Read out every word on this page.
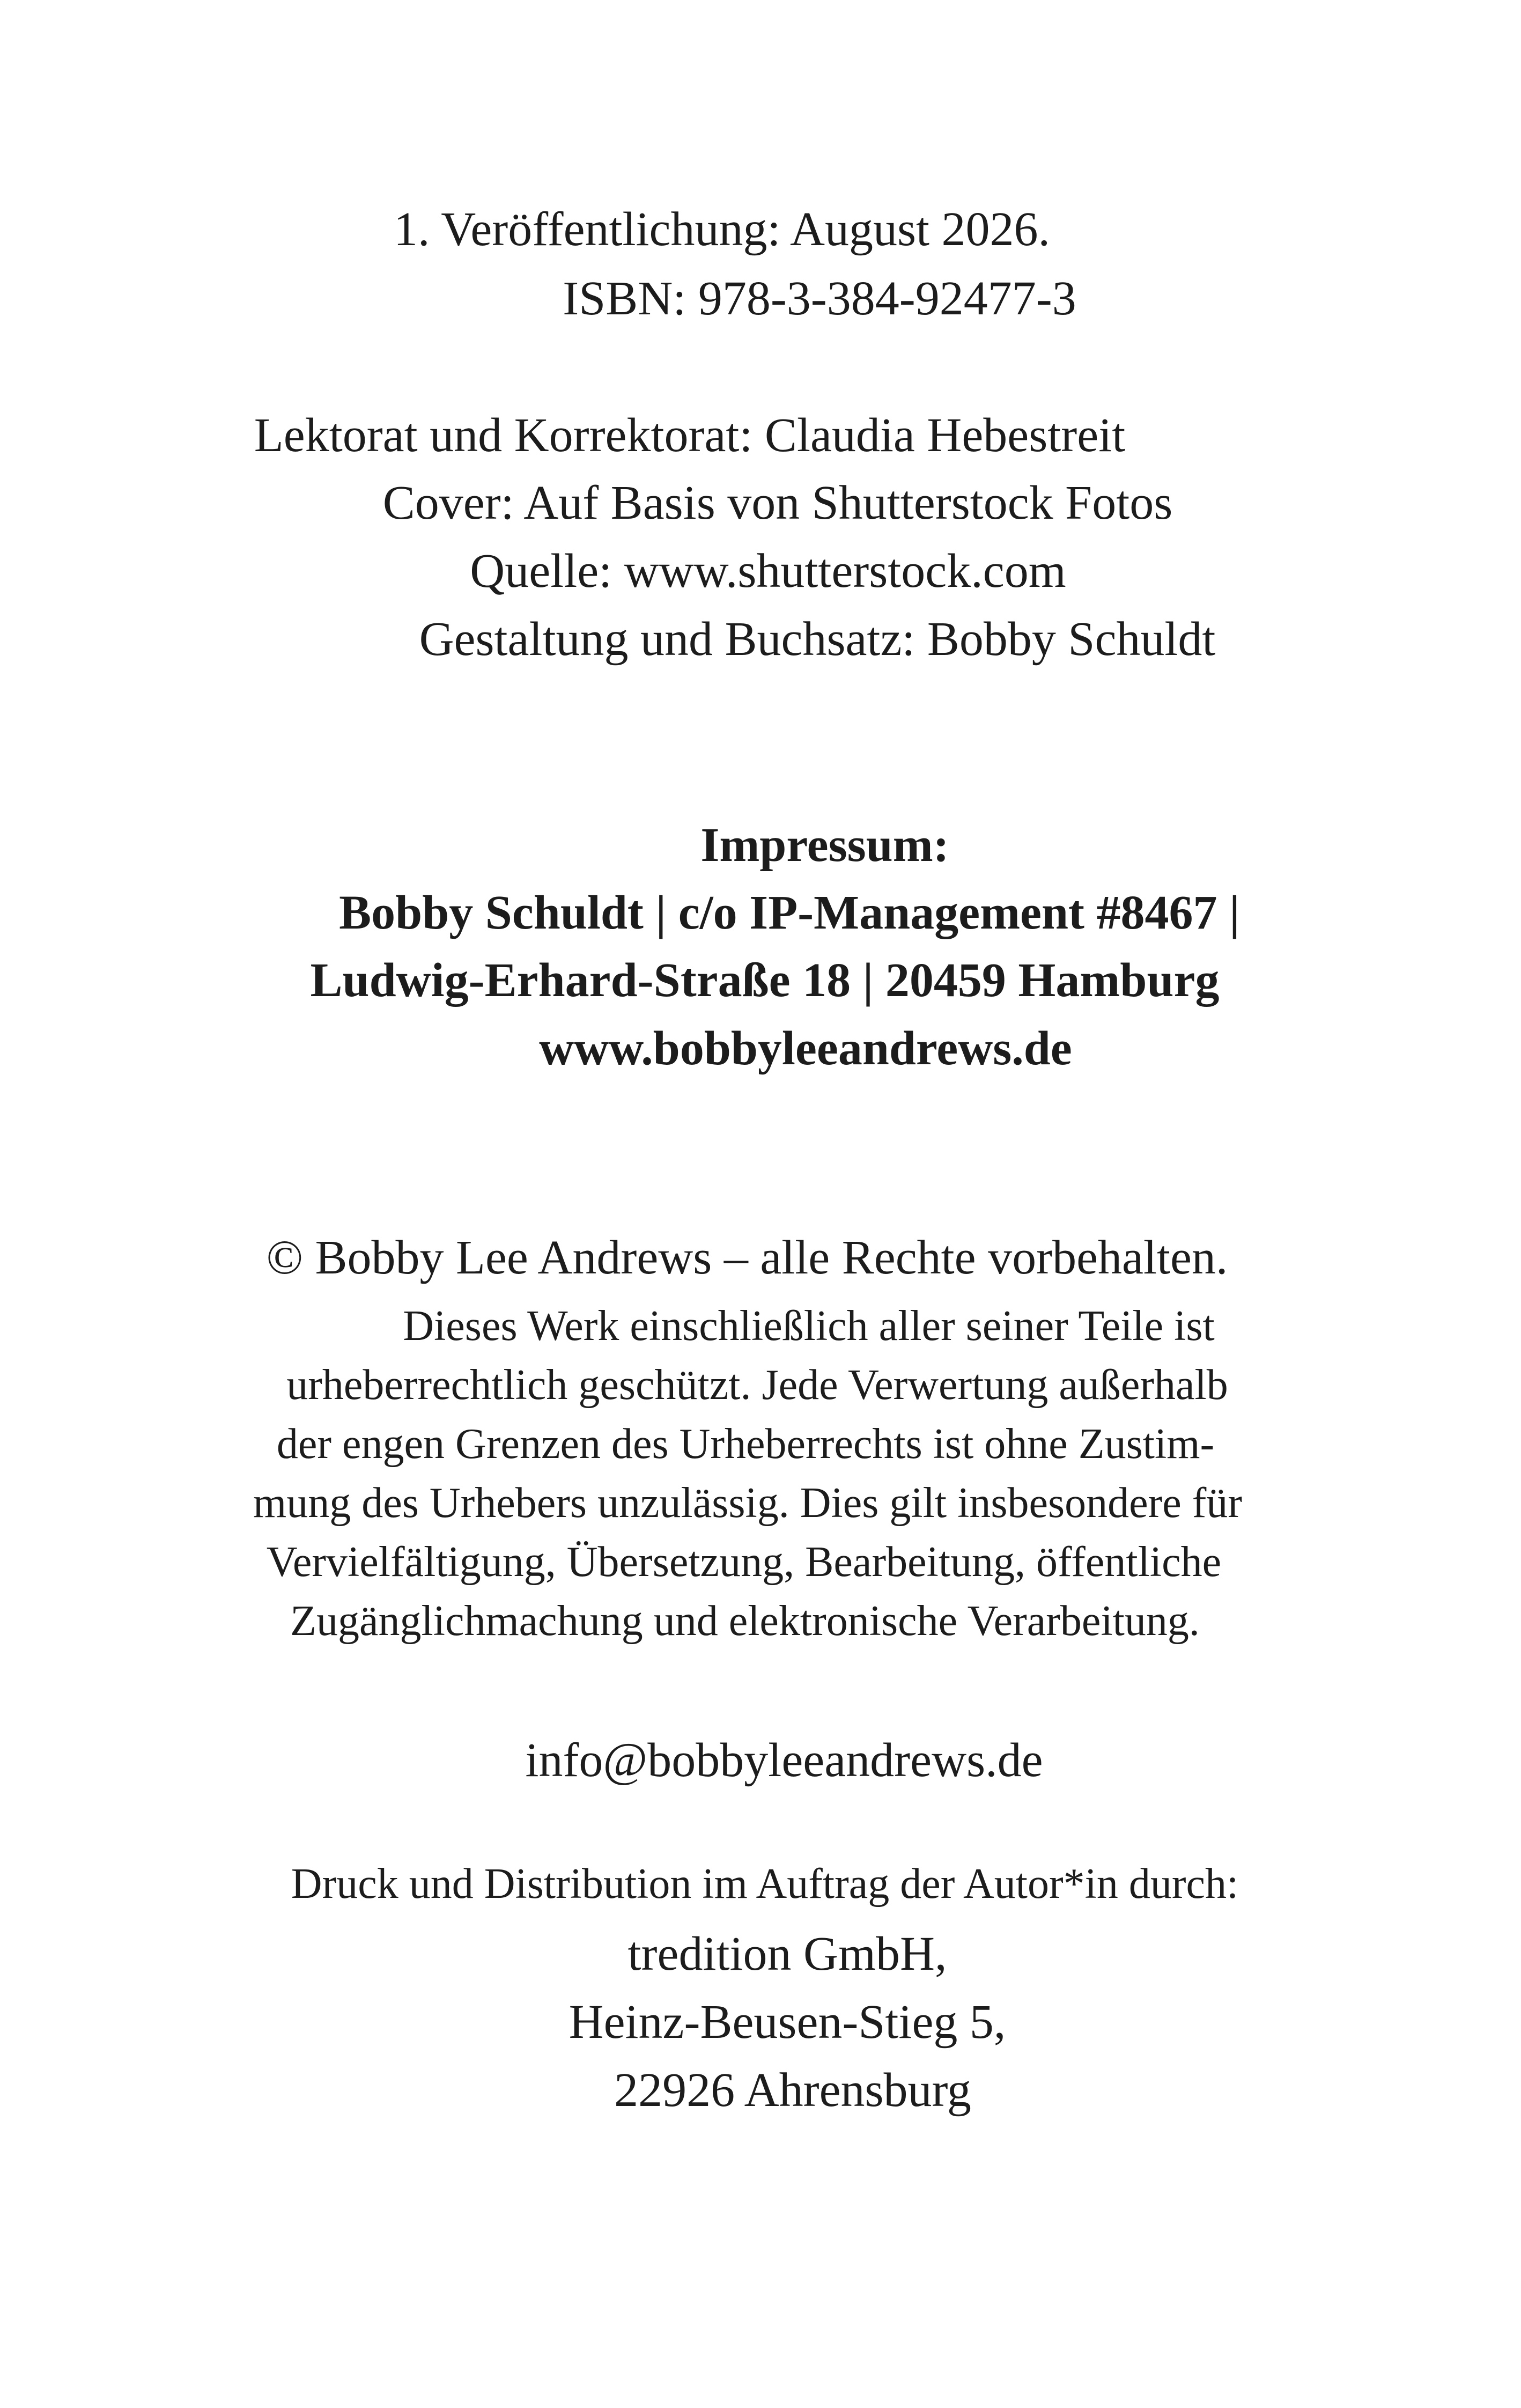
1. Veröffentlichung: August 2026.
ISBN: 978-3-384-92477-3
Lektorat und Korrektorat: Claudia Hebestreit
Cover: Auf Basis von Shutterstock Fotos
Quelle: www.shutterstock.com
Gestaltung und Buchsatz: Bobby Schuldt
Impressum:
Bobby Schuldt | c/o IP-Management #8467 |
Ludwig-Erhard-Straße 18 | 20459 Hamburg
www.bobbyleeandrews.de
© Bobby Lee Andrews – alle Rechte vorbehalten.
Dieses Werk einschließlich aller seiner Teile ist
urheberrechtlich geschützt. Jede Verwertung außerhalb
der engen Grenzen des Urheberrechts ist ohne Zustim-
mung des Urhebers unzulässig. Dies gilt insbesondere für
Vervielfältigung, Übersetzung, Bearbeitung, öffentliche
Zugänglichmachung und elektronische Verarbeitung.
info@bobbyleeandrews.de
Druck und Distribution im Auftrag der Autor*in durch:
tredition GmbH,
Heinz-Beusen-Stieg 5,
22926 Ahrensburg
